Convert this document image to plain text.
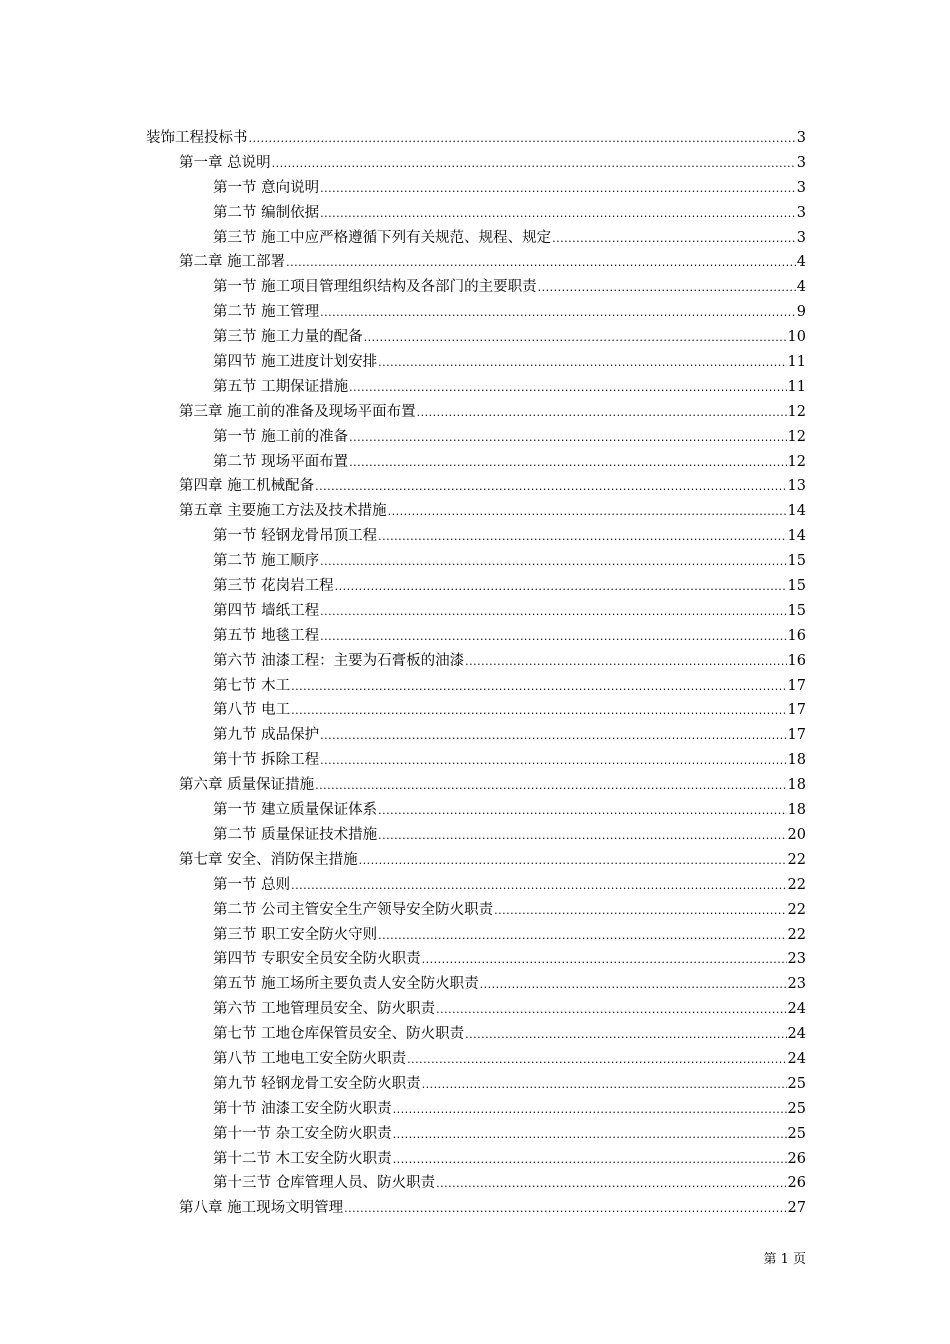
装饰工程投标书 .....	3
第一章 总说明 .....	3
第一节 意向说明 .....	3
第二节 编制依据 .....	3
第三节 施工中应严格遵循下列有关规范、规程、规定 .....	3
第二章 施工部署 .....	4
第一节 施工项目管理组织结构及各部门的主要职责 .....	4
第二节 施工管理 .....	9
第三节 施工力量的配备 .....	10
第四节 施工进度计划安排 .....	11
第五节 工期保证措施 .....	11
第三章 施工前的准备及现场平面布置 .....	12
第一节 施工前的准备 .....	12
第二节 现场平面布置 .....	12
第四章 施工机械配备 .....	13
第五章 主要施工方法及技术措施 .....	14
第一节 轻钢龙骨吊顶工程 .....	14
第二节 施工顺序 .....	15
第三节 花岗岩工程 .....	15
第四节 墙纸工程 .....	15
第五节 地毯工程 .....	16
第六节 油漆工程：主要为石膏板的油漆 .....	16
第七节 木工 .....	17
第八节 电工 .....	17
第九节 成品保护 .....	17
第十节 拆除工程 .....	18
第六章 质量保证措施 .....	18
第一节 建立质量保证体系 .....	18
第二节 质量保证技术措施 .....	20
第七章 安全、消防保主措施 .....	22
第一节 总则 .....	22
第二节 公司主管安全生产领导安全防火职责 .....	22
第三节 职工安全防火守则 .....	22
第四节 专职安全员安全防火职责 .....	23
第五节 施工场所主要负责人安全防火职责 .....	23
第六节 工地管理员安全、防火职责 .....	24
第七节 工地仓库保管员安全、防火职责 .....	24
第八节 工地电工安全防火职责 .....	24
第九节 轻钢龙骨工安全防火职责 .....	25
第十节 油漆工安全防火职责 .....	25
第十一节 杂工安全防火职责 .....	25
第十二节 木工安全防火职责 .....	26
第十三节 仓库管理人员、防火职责 .....	26
第八章 施工现场文明管理 .....	27
第 1 页
